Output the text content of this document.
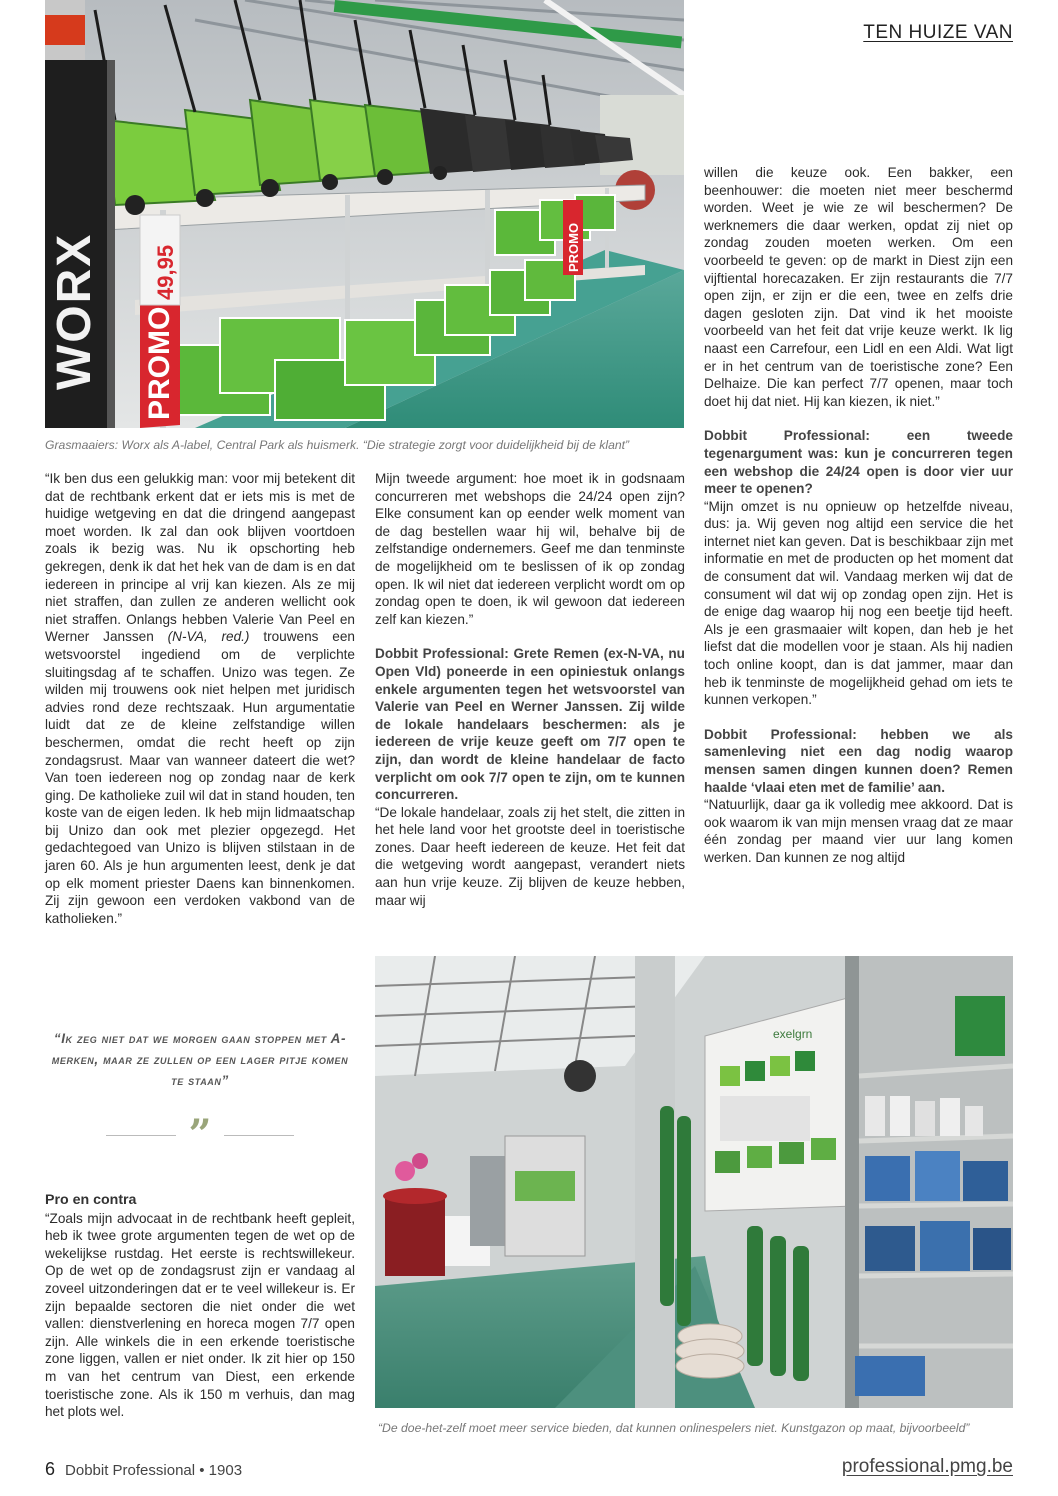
TEN HUIZE VAN
WORX PROMO
49,95	PROMO
Grasmaaiers: Worx als A-label, Central Park als huismerk. “Die strategie zorgt voor duidelijkheid bij de klant”

“Ik ben dus een gelukkig man: voor mij betekent dit dat de rechtbank erkent dat er iets mis is met de huidige wetgeving en dat die dringend aangepast moet worden. Ik zal dan ook blijven voortdoen zoals ik bezig was. Nu ik opschorting heb gekregen, denk ik dat het hek van de dam is en dat iedereen in principe al vrij kan kiezen. Als ze mij niet straffen, dan zullen ze anderen wellicht ook niet straffen. Onlangs hebben Valerie Van Peel en Werner Janssen (N-VA, red.) trouwens een wetsvoorstel ingediend om de verplichte sluitingsdag af te schaffen. Unizo was tegen. Ze wilden mij trouwens ook niet helpen met juridisch advies rond deze rechtszaak. Hun argumentatie luidt dat ze de kleine zelfstandige willen beschermen, omdat die recht heeft op zijn zondagsrust. Maar van wanneer dateert die wet? Van toen iedereen nog op zondag naar de kerk ging. De katholieke zuil wil dat in stand houden, ten koste van de eigen leden. Ik heb mijn lidmaatschap bij Unizo dan ook met plezier opgezegd. Het gedachtegoed van Unizo is blijven stilstaan in de jaren 60. Als je hun argumenten leest, denk je dat op elk moment priester Daens kan binnenkomen. Zij zijn gewoon een verdoken vakbond van de katholieken.”

“Ik zeg niet dat we morgen gaan stoppen met A-merken, maar ze zullen op een lager pitje komen te staan”
”

Pro en contra

“Zoals mijn advocaat in de rechtbank heeft gepleit, heb ik twee grote argumenten tegen de wet op de wekelijkse rustdag. Het eerste is rechtswillekeur. Op de wet op de zondagsrust zijn er vandaag al zoveel uitzonderingen dat er te veel willekeur is. Er zijn bepaalde sectoren die niet onder die wet vallen: dienstverlening en horeca mogen 7/7 open zijn. Alle winkels die in een erkende toeristische zone liggen, vallen er niet onder. Ik zit hier op 150 m van het centrum van Diest, een erkende toeristische zone. Als ik 150 m verhuis, dan mag het plots wel.

Mijn tweede argument: hoe moet ik in godsnaam concurreren met webshops die 24/24 open zijn? Elke consument kan op eender welk moment van de dag bestellen waar hij wil, behalve bij de zelfstandige ondernemers. Geef me dan tenminste de mogelijkheid om te beslissen of ik op zondag open. Ik wil niet dat iedereen verplicht wordt om op zondag open te doen, ik wil gewoon dat iedereen zelf kan kiezen.”

Dobbit Professional: Grete Remen (ex-N-VA, nu Open Vld) poneerde in een opiniestuk onlangs enkele argumenten tegen het wetsvoorstel van Valerie van Peel en Werner Janssen. Zij wilde de lokale handelaars beschermen: als je iedereen de vrije keuze geeft om 7/7 open te zijn, dan wordt de kleine handelaar de facto verplicht om ook 7/7 open te zijn, om te kunnen concurreren.

“De lokale handelaar, zoals zij het stelt, die zitten in het hele land voor het grootste deel in toeristische zones. Daar heeft iedereen de keuze. Het feit dat die wetgeving wordt aangepast, verandert niets aan hun vrije keuze. Zij blijven de keuze hebben, maar wij

willen die keuze ook. Een bakker, een beenhouwer: die moeten niet meer beschermd worden. Weet je wie ze wil beschermen? De werknemers die daar werken, opdat zij niet op zondag zouden moeten werken. Om een voorbeeld te geven: op de markt in Diest zijn een vijftiental horecazaken. Er zijn restaurants die 7/7 open zijn, er zijn er die een, twee en zelfs drie dagen gesloten zijn. Dat vind ik het mooiste voorbeeld van het feit dat vrije keuze werkt. Ik lig naast een Carrefour, een Lidl en een Aldi. Wat ligt er in het centrum van de toeristische zone? Een Delhaize. Die kan perfect 7/7 openen, maar toch doet hij dat niet. Hij kan kiezen, ik niet.”

Dobbit Professional: een tweede tegenargument was: kun je concurreren tegen een webshop die 24/24 open is door vier uur meer te openen?

“Mijn omzet is nu opnieuw op hetzelfde niveau, dus: ja. Wij geven nog altijd een service die het internet niet kan geven. Dat is beschikbaar zijn met informatie en met de producten op het moment dat de consument dat wil. Vandaag merken wij dat de consument wil dat wij op zondag open zijn. Het is de enige dag waarop hij nog een beetje tijd heeft. Als je een grasmaaier wilt kopen, dan heb je het liefst dat die modellen voor je staan. Als hij nadien toch online koopt, dan is dat jammer, maar dan heb ik tenminste de mogelijkheid gehad om iets te kunnen verkopen.”

Dobbit Professional: hebben we als samenleving niet een dag nodig waarop mensen samen dingen kunnen doen? Remen haalde ‘vlaai eten met de familie’ aan.

“Natuurlijk, daar ga ik volledig mee akkoord. Dat is ook waarom ik van mijn mensen vraag dat ze maar één zondag per maand vier uur lang komen werken. Dan kunnen ze nog altijd

exelgrn
“De doe-het-zelf moet meer service bieden, dat kunnen onlinespelers niet. Kunstgazon op maat, bijvoorbeeld”
6 Dobbit Professional • 1903	professional.pmg.be
